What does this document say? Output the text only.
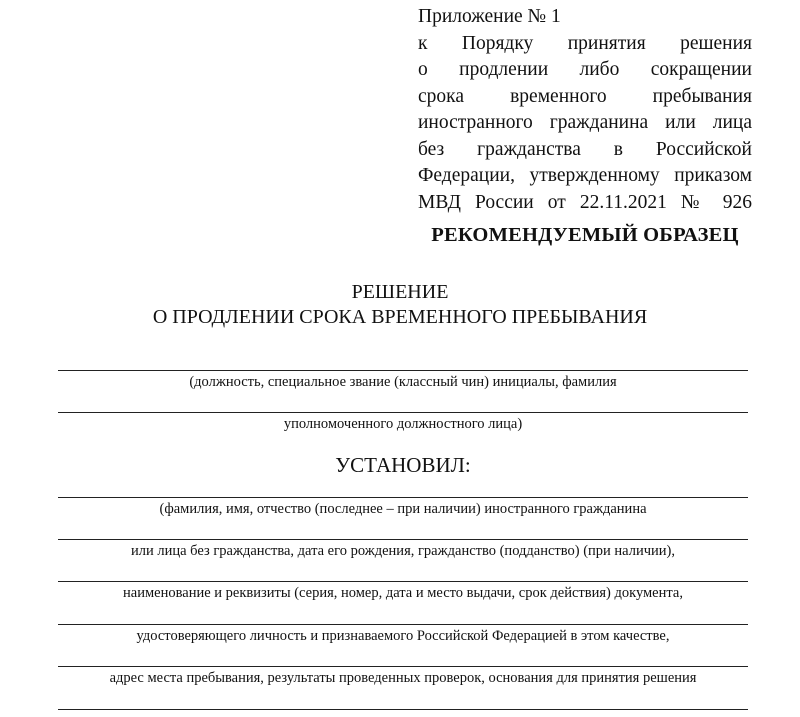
Приложение № 1
к Порядку принятия решения
о продлении либо сокращении
срока временного пребывания
иностранного гражданина или лица
без гражданства в Российской
Федерации, утвержденному приказом
МВД России от 22.11.2021 № 926
РЕКОМЕНДУЕМЫЙ ОБРАЗЕЦ
РЕШЕНИЕ
О ПРОДЛЕНИИ СРОКА ВРЕМЕННОГО ПРЕБЫВАНИЯ
(должность, специальное звание (классный чин) инициалы, фамилия
уполномоченного должностного лица)
УСТАНОВИЛ:
(фамилия, имя, отчество (последнее – при наличии) иностранного гражданина
или лица без гражданства, дата его рождения, гражданство (подданство) (при наличии),
наименование и реквизиты (серия, номер, дата и место выдачи, срок действия) документа,
удостоверяющего личность и признаваемого Российской Федерацией в этом качестве,
адрес места пребывания, результаты проведенных проверок, основания для принятия решения
